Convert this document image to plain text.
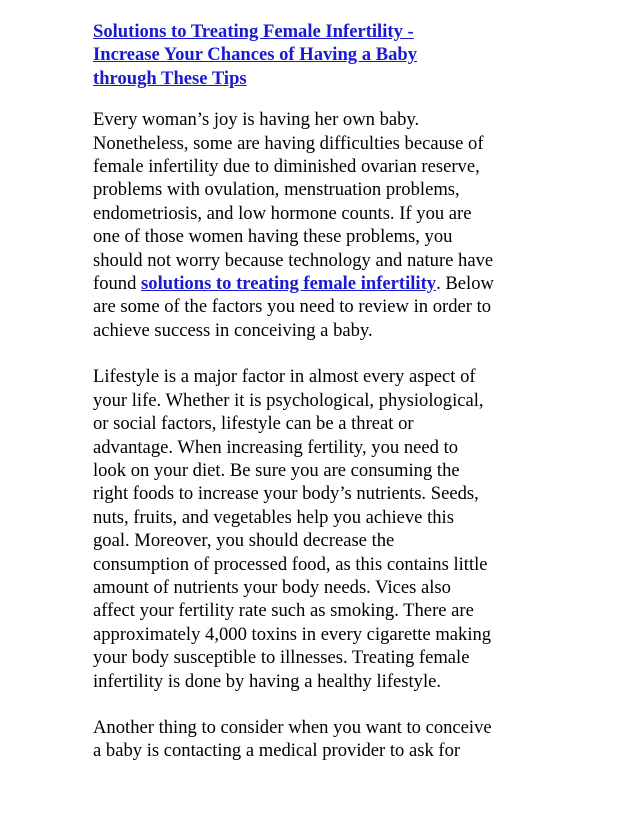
Solutions to Treating Female Infertility -
Increase Your Chances of Having a Baby
through These Tips
Every woman’s joy is having her own baby.
Nonetheless, some are having difficulties because of
female infertility due to diminished ovarian reserve,
problems with ovulation, menstruation problems,
endometriosis, and low hormone counts. If you are
one of those women having these problems, you
should not worry because technology and nature have
found solutions to treating female infertility. Below
are some of the factors you need to review in order to
achieve success in conceiving a baby.
Lifestyle is a major factor in almost every aspect of
your life. Whether it is psychological, physiological,
or social factors, lifestyle can be a threat or
advantage. When increasing fertility, you need to
look on your diet. Be sure you are consuming the
right foods to increase your body’s nutrients. Seeds,
nuts, fruits, and vegetables help you achieve this
goal. Moreover, you should decrease the
consumption of processed food, as this contains little
amount of nutrients your body needs. Vices also
affect your fertility rate such as smoking. There are
approximately 4,000 toxins in every cigarette making
your body susceptible to illnesses. Treating female
infertility is done by having a healthy lifestyle.
Another thing to consider when you want to conceive
a baby is contacting a medical provider to ask for
